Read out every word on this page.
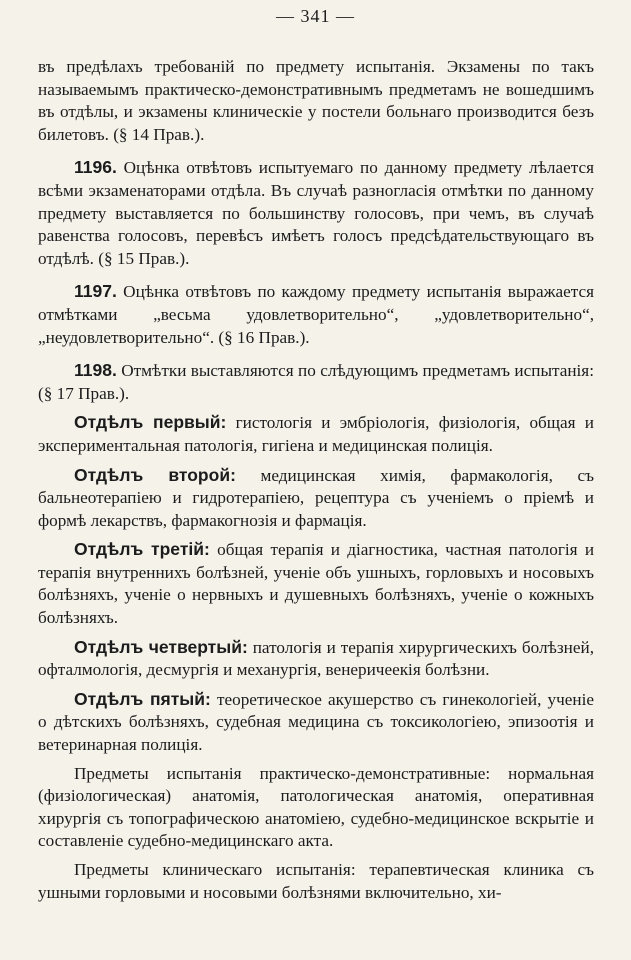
— 341 —

въ предѣлахъ требованій по предмету испытанія. Экзамены по такъ называемымъ практическо-демонстративнымъ предметамъ не вошедшимъ въ отдѣлы, и экзамены клиническіе у постели больнаго производится безъ билетовъ. (§ 14 Прав.).

1196. Оцѣнка отвѣтовъ испытуемаго по данному предмету лѣлается всѣми экзаменаторами отдѣла. Въ случаѣ разногласія отмѣтки по данному предмету выставляется по большинству голосовъ, при чемъ, въ случаѣ равенства голосовъ, перевѣсъ имѣетъ голосъ предсѣдательствующаго въ отдѣлѣ. (§ 15 Прав.).

1197. Оцѣнка отвѣтовъ по каждому предмету испытанія выражается отмѣтками „весьма удовлетворительно“, „удовлетворительно“, „неудовлетворительно“. (§ 16 Прав.).

1198. Отмѣтки выставляются по слѣдующимъ предметамъ испытанія: (§ 17 Прав.).

Отдѣлъ первый: гистологія и эмбріологія, физіологія, общая и экспериментальная патологія, гигіена и медицинская полиція.

Отдѣлъ второй: медицинская химія, фармакологія, съ бальнеотерапіею и гидротерапіею, рецептура съ ученіемъ о пріемѣ и формѣ лекарствъ, фармакогнозія и фармація.

Отдѣлъ третій: общая терапія и діагностика, частная патологія и терапія внутреннихъ болѣзней, ученіе объ ушныхъ, горловыхъ и носовыхъ болѣзняхъ, ученіе о нервныхъ и душевныхъ болѣзняхъ, ученіе о кожныхъ болѣзняхъ.

Отдѣлъ четвертый: патологія и терапія хирургическихъ болѣзней, офталмологія, десмургія и механургія, венеричеекія болѣзни.

Отдѣлъ пятый: теоретическое акушерство съ гинекологіей, ученіе о дѣтскихъ болѣзняхъ, судебная медицина съ токсикологіею, эпизоотія и ветеринарная полиція.

Предметы испытанія практическо-демонстративные: нормальная (физіологическая) анатомія, патологическая анатомія, оперативная хирургія съ топографическою анатоміею, судебно-медицинское вскрытіе и составленіе судебно-медицинскаго акта.

Предметы клиническаго испытанія: терапевтическая клиника съ ушными горловыми и носовыми болѣзнями включительно, хи-
